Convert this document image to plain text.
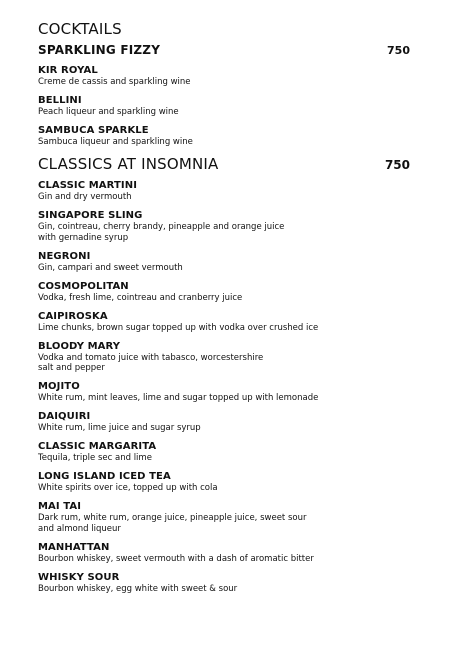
COCKTAILS
SPARKLING FIZZY	750
KIR ROYAL
Creme de cassis and sparkling wine
BELLINI
Peach liqueur and sparkling wine
SAMBUCA SPARKLE
Sambuca liqueur and sparkling wine
CLASSICS AT INSOMNIA	750
CLASSIC MARTINI
Gin and dry vermouth
SINGAPORE SLING
Gin, cointreau, cherry brandy, pineapple and orange juice
with gernadine syrup
NEGRONI
Gin, campari and sweet vermouth
COSMOPOLITAN
Vodka, fresh lime, cointreau and cranberry juice
CAIPIROSKA
Lime chunks, brown sugar topped up with vodka over crushed ice
BLOODY MARY
Vodka and tomato juice with tabasco, worcestershire
salt and pepper
MOJITO
White rum, mint leaves, lime and sugar topped up with lemonade
DAIQUIRI
White rum, lime juice and sugar syrup
CLASSIC MARGARITA
Tequila, triple sec and lime
LONG ISLAND ICED TEA
White spirits over ice, topped up with cola
MAI TAI
Dark rum, white rum, orange juice, pineapple juice, sweet sour
and almond liqueur
MANHATTAN
Bourbon whiskey, sweet vermouth with a dash of aromatic bitter
WHISKY SOUR
Bourbon whiskey, egg white with sweet & sour
